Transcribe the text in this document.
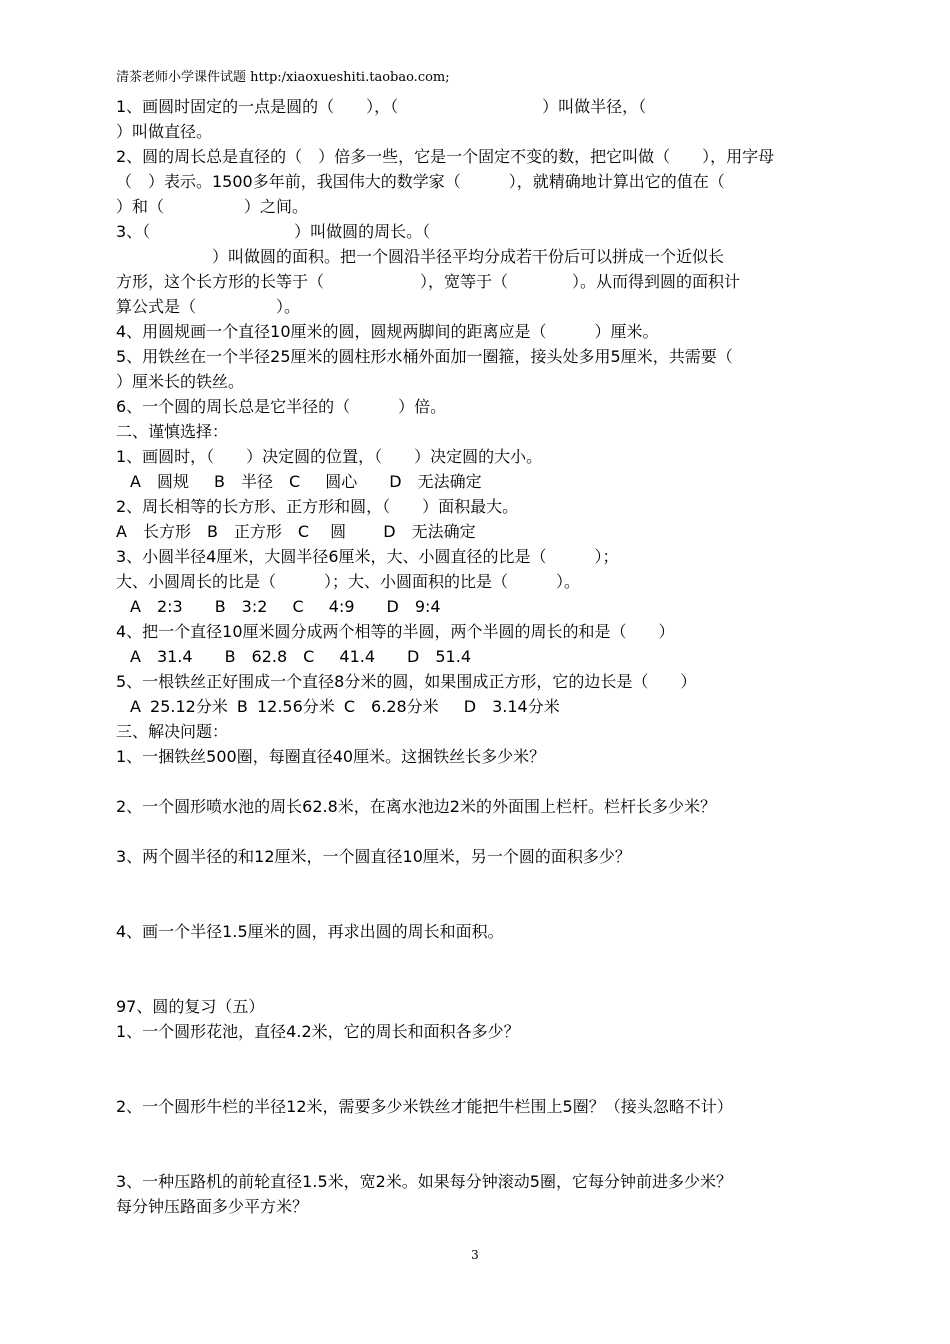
清茶老师小学课件试题 http:/xiaoxueshiti.taobao.com;
1、画圆时固定的一点是圆的（　　），（　　　　　　　　　）叫做半径，（
）叫做直径。
2、圆的周长总是直径的（　）倍多一些，它是一个固定不变的数，把它叫做（　　），用字母
（　）表示。1500多年前，我国伟大的数学家（　　　），就精确地计算出它的值在（
）和（　　　　　）之间。
3、（　　　　　　　　　）叫做圆的周长。（
　　　　　　）叫做圆的面积。把一个圆沿半径平均分成若干份后可以拼成一个近似长
方形，这个长方形的长等于（　　　　　　），宽等于（　　　　）。从而得到圆的面积计
算公式是（　　　　　）。
4、用圆规画一个直径10厘米的圆，圆规两脚间的距离应是（　　　）厘米。
5、用铁丝在一个半径25厘米的圆柱形水桶外面加一圈箍，接头处多用5厘米，共需要（
）厘米长的铁丝。
6、一个圆的周长总是它半径的（　　　）倍。
二、谨慎选择：
1、画圆时，（　　）决定圆的位置，（　　）决定圆的大小。
A　圆规　 B　半径　C　 圆心　　D　无法确定
2、周长相等的长方形、正方形和圆，（　　）面积最大。
A　长方形　B　正方形　C　 圆　　 D　无法确定
3、小圆半径4厘米，大圆半径6厘米，大、小圆直径的比是（　　　）；
大、小圆周长的比是（　　　）；大、小圆面积的比是（　　　）。
A　2:3　　B　3:2　 C　 4:9　　D　9:4
4、把一个直径10厘米圆分成两个相等的半圆，两个半圆的周长的和是（　　）
A　31.4　　B　62.8　C　 41.4　　D　51.4
5、一根铁丝正好围成一个直径8分米的圆，如果围成正方形，它的边长是（　　）
A 25.12分米 B 12.56分米 C　6.28分米　 D　3.14分米
三、解决问题：
1、一捆铁丝500圈，每圈直径40厘米。这捆铁丝长多少米？
2、一个圆形喷水池的周长62.8米，在离水池边2米的外面围上栏杆。栏杆长多少米？
3、两个圆半径的和12厘米，一个圆直径10厘米，另一个圆的面积多少？
4、画一个半径1.5厘米的圆，再求出圆的周长和面积。
97、圆的复习（五）
1、一个圆形花池，直径4.2米，它的周长和面积各多少？
2、一个圆形牛栏的半径12米，需要多少米铁丝才能把牛栏围上5圈？（接头忽略不计）
3、一种压路机的前轮直径1.5米，宽2米。如果每分钟滚动5圈，它每分钟前进多少米？
每分钟压路面多少平方米？
3
